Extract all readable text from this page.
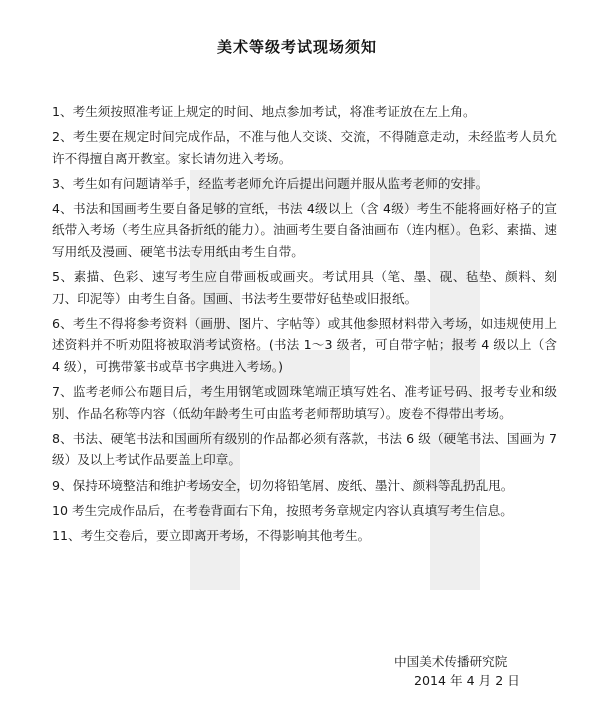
美术等级考试现场须知

1、考生须按照准考证上规定的时间、地点参加考试，将准考证放在左上角。

2、考生要在规定时间完成作品，不准与他人交谈、交流，不得随意走动，未经监考人员允许不得擅自离开教室。家长请勿进入考场。

3、考生如有问题请举手，经监考老师允许后提出问题并服从监考老师的安排。

4、书法和国画考生要自备足够的宣纸，书法 4级以上（含 4级）考生不能将画好格子的宣纸带入考场（考生应具备折纸的能力）。油画考生要自备油画布（连内框）。色彩、素描、速写用纸及漫画、硬笔书法专用纸由考生自带。

5、素描、色彩、速写考生应自带画板或画夹。考试用具（笔、墨、砚、毡垫、颜料、刻刀、印泥等）由考生自备。国画、书法考生要带好毡垫或旧报纸。

6、考生不得将参考资料（画册、图片、字帖等）或其他参照材料带入考场，如违规使用上述资料并不听劝阻将被取消考试资格。(书法 1～3 级者，可自带字帖；报考 4 级以上（含 4 级），可携带篆书或草书字典进入考场。)

7、监考老师公布题目后，考生用钢笔或圆珠笔端正填写姓名、准考证号码、报考专业和级别、作品名称等内容（低幼年龄考生可由监考老师帮助填写）。废卷不得带出考场。

8、书法、硬笔书法和国画所有级别的作品都必须有落款，书法 6 级（硬笔书法、国画为 7级）及以上考试作品要盖上印章。

9、保持环境整洁和维护考场安全，切勿将铅笔屑、废纸、墨汁、颜料等乱扔乱甩。

10 考生完成作品后，在考卷背面右下角，按照考务章规定内容认真填写考生信息。

11、考生交卷后，要立即离开考场，不得影响其他考生。

中国美术传播研究院
2014 年 4 月 2 日
